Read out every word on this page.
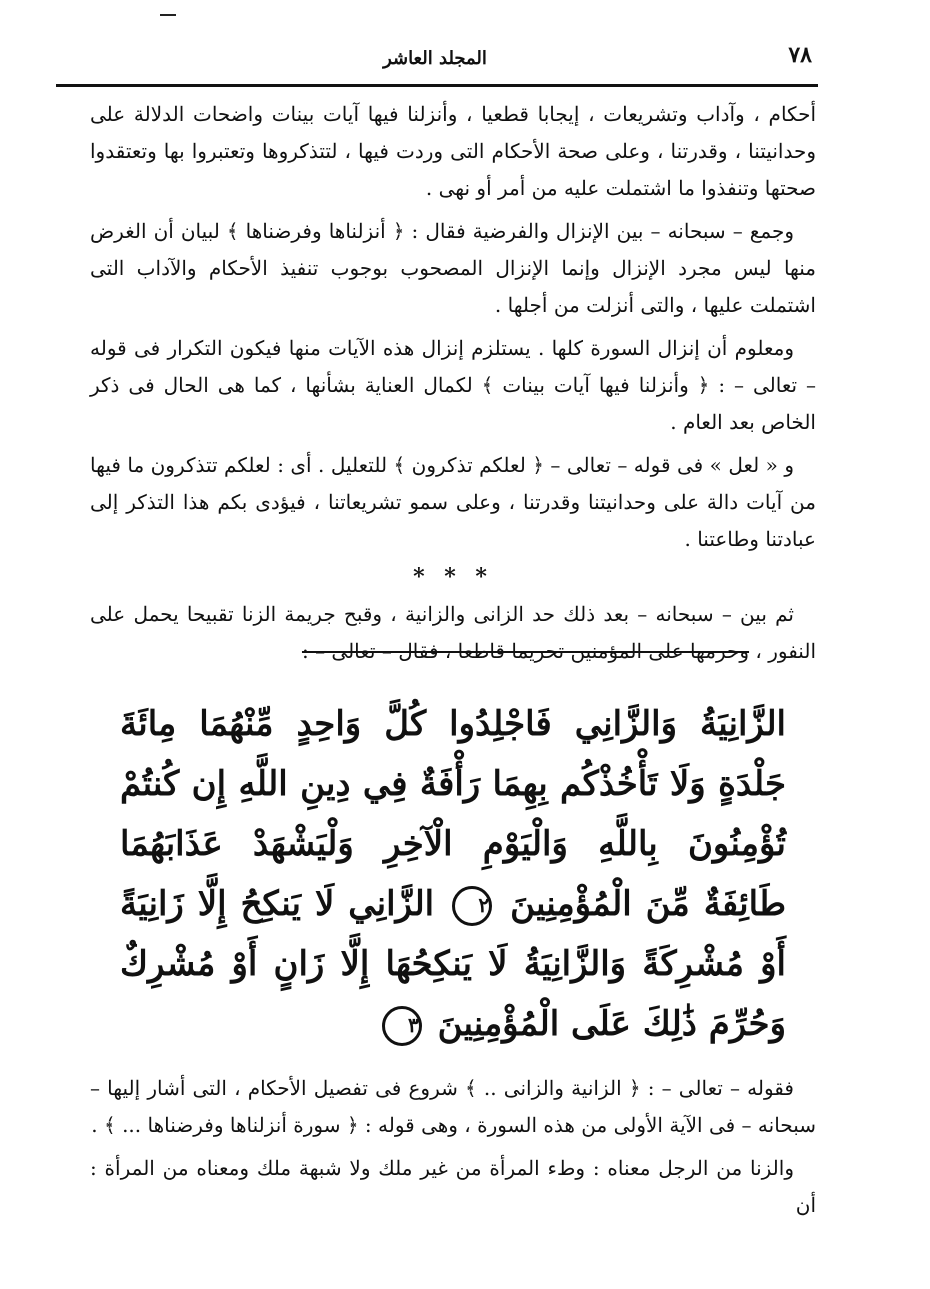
٧٨
المجلد العاشر

أحكام ، وآداب وتشريعات ، إيجابا قطعيا ، وأنزلنا فيها آيات بينات واضحات الدلالة على وحدانيتنا ، وقدرتنا ، وعلى صحة الأحكام التى وردت فيها ، لتتذكروها وتعتبروا بها وتعتقدوا صحتها وتنفذوا ما اشتملت عليه من أمر أو نهى .

وجمع – سبحانه – بين الإنزال والفرضية فقال : ﴿ أنزلناها وفرضناها ﴾ لبيان أن الغرض منها ليس مجرد الإنزال وإنما الإنزال المصحوب بوجوب تنفيذ الأحكام والآداب التى اشتملت عليها ، والتى أنزلت من أجلها .

ومعلوم أن إنزال السورة كلها . يستلزم إنزال هذه الآيات منها فيكون التكرار فى قوله – تعالى – : ﴿ وأنزلنا فيها آيات بينات ﴾ لكمال العناية بشأنها ، كما هى الحال فى ذكر الخاص بعد العام .

و « لعل » فى قوله – تعالى – ﴿ لعلكم تذكرون ﴾ للتعليل . أى : لعلكم تتذكرون ما فيها من آيات دالة على وحدانيتنا وقدرتنا ، وعلى سمو تشريعاتنا ، فيؤدى بكم هذا التذكر إلى عبادتنا وطاعتنا .

* * *

ثم بين – سبحانه – بعد ذلك حد الزانى والزانية ، وقبح جريمة الزنا تقبيحا يحمل على النفور ، وحرمها على المؤمنين تحريما قاطعا ، فقال – تعالى – :

الزَّانِيَةُ وَالزَّانِي فَاجْلِدُوا كُلَّ وَاحِدٍ مِّنْهُمَا مِائَةَ جَلْدَةٍ وَلَا تَأْخُذْكُم بِهِمَا رَأْفَةٌ فِي دِينِ اللَّهِ إِن كُنتُمْ تُؤْمِنُونَ بِاللَّهِ وَالْيَوْمِ الْآخِرِ وَلْيَشْهَدْ عَذَابَهُمَا طَائِفَةٌ مِّنَ الْمُؤْمِنِينَ ٢ الزَّانِي لَا يَنكِحُ إِلَّا زَانِيَةً أَوْ مُشْرِكَةً وَالزَّانِيَةُ لَا يَنكِحُهَا إِلَّا زَانٍ أَوْ مُشْرِكٌ وَحُرِّمَ ذَٰلِكَ عَلَى الْمُؤْمِنِينَ ٣

فقوله – تعالى – : ﴿ الزانية والزانى .. ﴾ شروع فى تفصيل الأحكام ، التى أشار إليها – سبحانه – فى الآية الأولى من هذه السورة ، وهى قوله : ﴿ سورة أنزلناها وفرضناها ... ﴾ .

والزنا من الرجل معناه : وطء المرأة من غير ملك ولا شبهة ملك ومعناه من المرأة : أن
